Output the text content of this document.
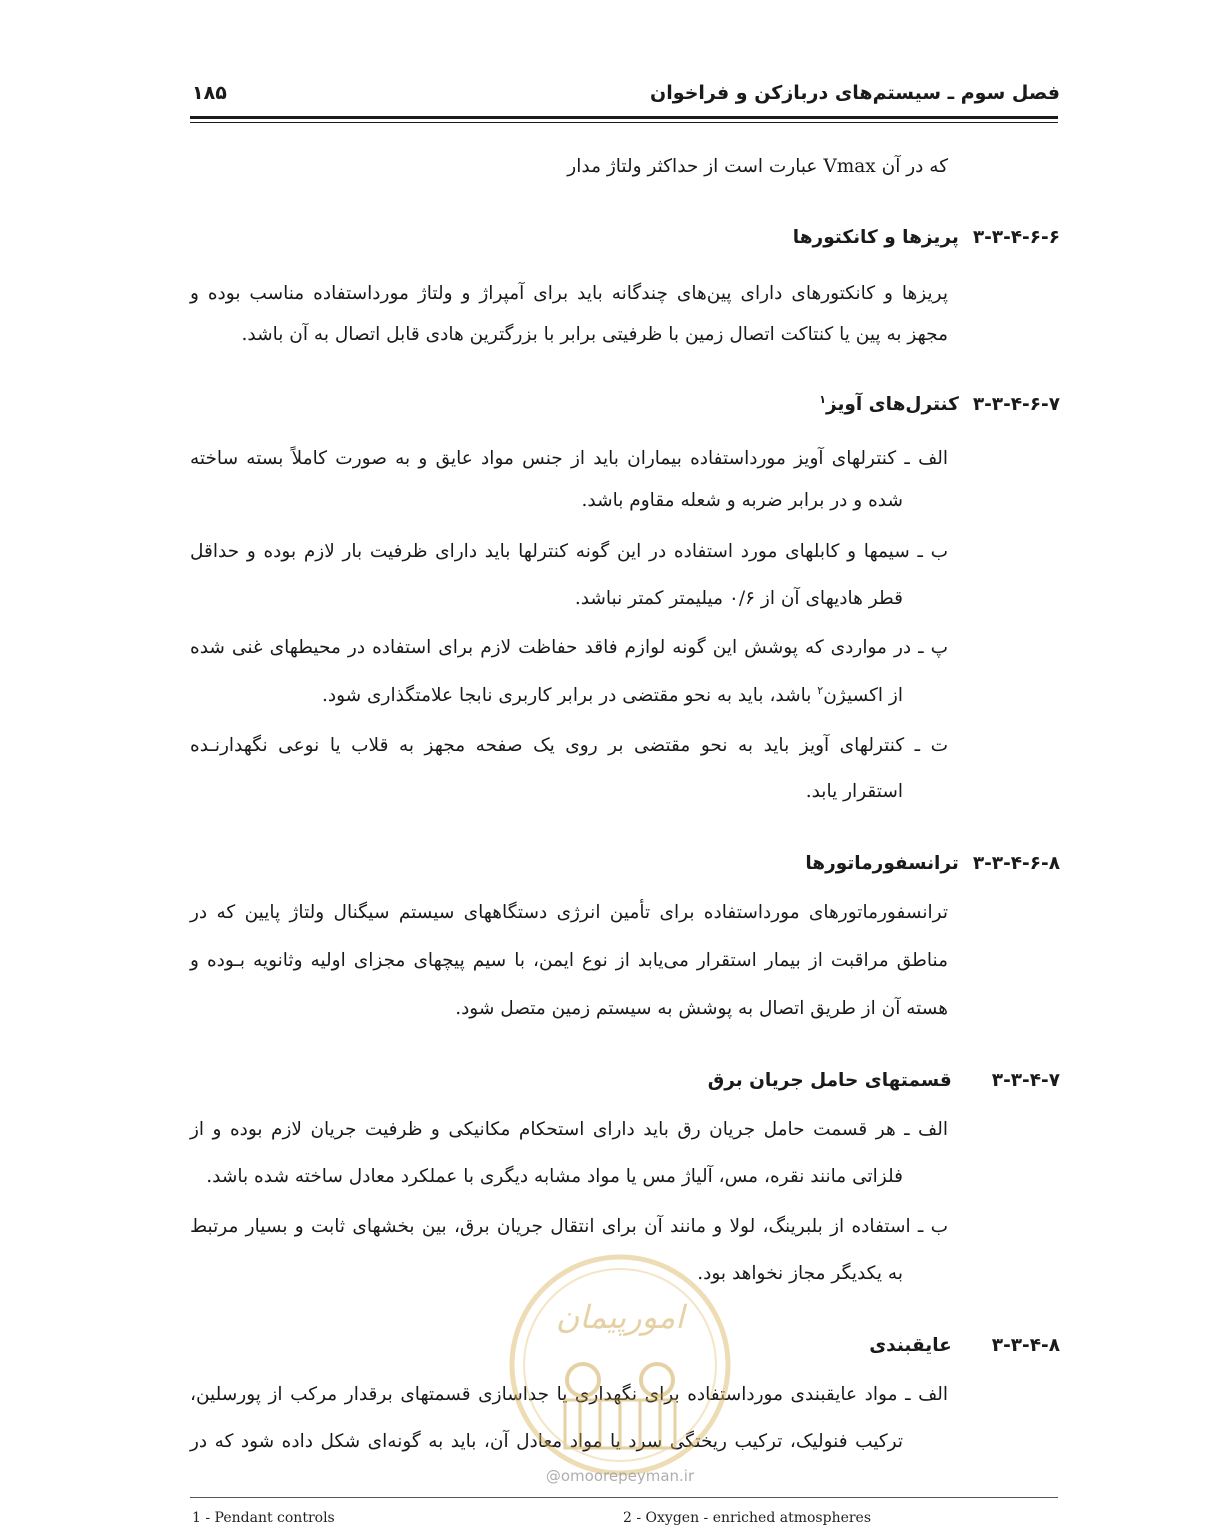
فصل سوم ـ سیستم‌های دربازکن و فراخوان
۱۸۵
که در آن Vmax عبارت است از حداکثر ولتاژ مدار
۳-۳-۴-۶-۶پریزها و کانکتورها
پریزها و کانکتورهای دارای پین‌های چندگانه باید برای آمپراژ و ولتاژ مورداستفاده مناسب بوده و
مجهز به پین یا کنتاکت اتصال زمین با ظرفیتی برابر با بزرگترین هادی قابل اتصال به آن باشد.
۳-۳-۴-۶-۷کنترل‌های آویز$^۱$
الف ـ کنترلهای آویز مورداستفاده بیماران باید از جنس مواد عایق و به صورت کاملاً بسته ساخته
شده و در برابر ضربه و شعله مقاوم باشد.
ب ـ سیمها و کابلهای مورد استفاده در این گونه کنترلها باید دارای ظرفیت بار لازم بوده و حداقل
قطر هادیهای آن از ۰/۶ میلیمتر کمتر نباشد.
پ ـ در مواردی که پوشش این گونه لوازم فاقد حفاظت لازم برای استفاده در محیطهای غنی شده
از اکسیژن$^۲$ باشد، باید به نحو مقتضی در برابر کاربری نابجا علامتگذاری شود.
ت ـ کنترلهای آویز باید به نحو مقتضی بر روی یک صفحه مجهز به قلاب یا نوعی نگهدارنـده
استقرار یابد.
۳-۳-۴-۶-۸ترانسفورماتورها
ترانسفورماتورهای مورداستفاده برای تأمین انرژی دستگاههای سیستم سیگنال ولتاژ پایین که در
مناطق مراقبت از بیمار استقرار می‌یابد از نوع ایمن، با سیم پیچهای مجزای اولیه وثانویه بـوده و
هسته آن از طریق اتصال به پوشش به سیستم زمین متصل شود.
۳-۳-۴-۷قسمتهای حامل جریان برق
الف ـ هر قسمت حامل جریان رق باید دارای استحکام مکانیکی و ظرفیت جریان لازم بوده و از
فلزاتی مانند نقره، مس، آلیاژ مس یا مواد مشابه دیگری با عملکرد معادل ساخته شده باشد.
ب ـ استفاده از بلبرینگ، لولا و مانند آن برای انتقال جریان برق، بین بخشهای ثابت و بسیار مرتبط
به یکدیگر مجاز نخواهد بود.
۳-۳-۴-۸عایقبندی
الف ـ مواد عایقبندی مورداستفاده برای نگهداری یا جداسازی قسمتهای برقدار مرکب از پورسلین،
ترکیب فنولیک، ترکیب ریختگی سرد یا مواد معادل آن، باید به گونه‌ای شکل داده شود که در
امورپیمان
@omoorepeyman.ir
1 - Pendant controls	2 - Oxygen - enriched atmospheres
